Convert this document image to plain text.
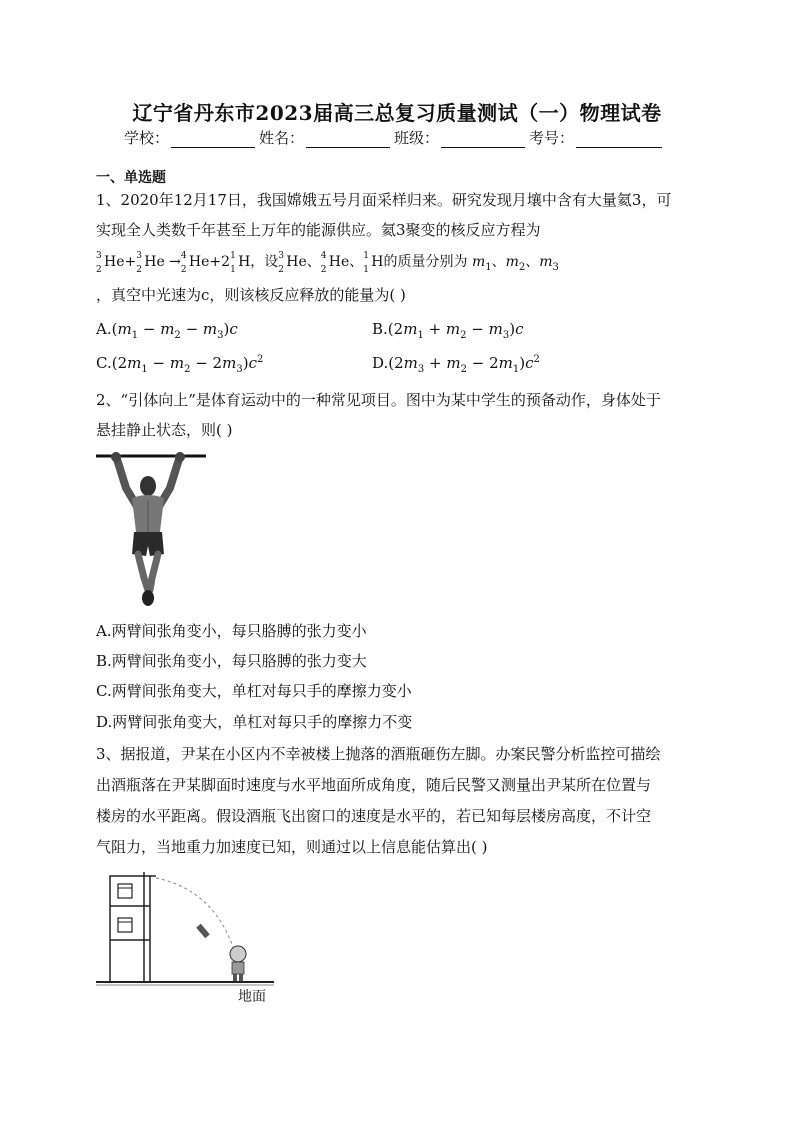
辽宁省丹东市2023届高三总复习质量测试（一）物理试卷
学校：	姓名：	班级：	考号：
一、单选题
1、2020年12月17日，我国嫦娥五号月面采样归来。研究发现月壤中含有大量氦3，可
实现全人类数千年甚至上万年的能源供应。氦3聚变的核反应方程为
3
2 He+ 3
2 He → 4
2 He+2 1
1 H，设 3
2 He、 4
2 He、 1
1 H的质量分别为 $m_1$、$m_2$、$m_3$
，真空中光速为c，则该核反应释放的能量为( )
$A.(m_1 - m_2 - m_3)c$	$B.(2m_1 + m_2 - m_3)c$
$C.(2m_1 - m_2 - 2m_3)c^2$	$D.(2m_3 + m_2 - 2m_1)c^2$
2、“引体向上”是体育运动中的一种常见项目。图中为某中学生的预备动作，身体处于
悬挂静止状态，则( )
A.两臂间张角变小，每只胳膊的张力变小
B.两臂间张角变小，每只胳膊的张力变大
C.两臂间张角变大，单杠对每只手的摩擦力变小
D.两臂间张角变大，单杠对每只手的摩擦力不变
3、据报道，尹某在小区内不幸被楼上抛落的酒瓶砸伤左脚。办案民警分析监控可描绘
出酒瓶落在尹某脚面时速度与水平地面所成角度，随后民警又测量出尹某所在位置与
楼房的水平距离。假设酒瓶飞出窗口的速度是水平的，若已知每层楼房高度，不计空
气阻力，当地重力加速度已知，则通过以上信息能估算出( )
地面
